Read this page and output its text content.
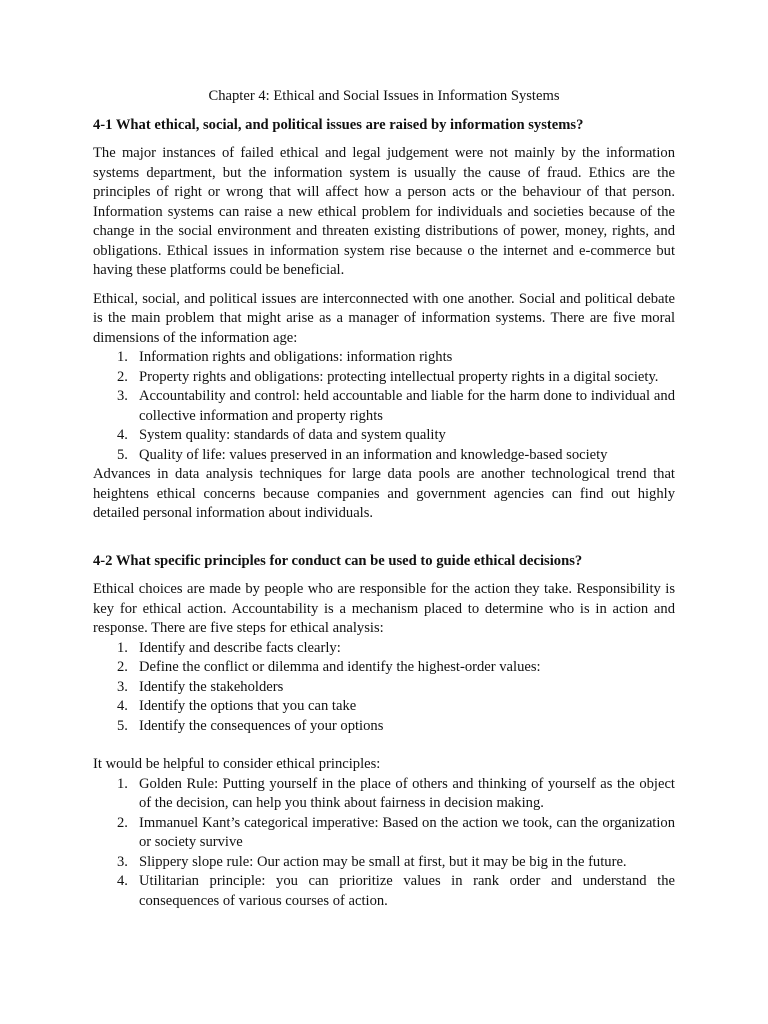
Chapter 4: Ethical and Social Issues in Information Systems
4-1 What ethical, social, and political issues are raised by information systems?

The major instances of failed ethical and legal judgement were not mainly by the information systems department, but the information system is usually the cause of fraud. Ethics are the principles of right or wrong that will affect how a person acts or the behaviour of that person. Information systems can raise a new ethical problem for individuals and societies because of the change in the social environment and threaten existing distributions of power, money, rights, and obligations. Ethical issues in information system rise because o the internet and e-commerce but having these platforms could be beneficial.

Ethical, social, and political issues are interconnected with one another. Social and political debate is the main problem that might arise as a manager of information systems. There are five moral dimensions of the information age:

1. Information rights and obligations: information rights
2. Property rights and obligations: protecting intellectual property rights in a digital society.
3. Accountability and control: held accountable and liable for the harm done to individual and collective information and property rights
4. System quality: standards of data and system quality
5. Quality of life: values preserved in an information and knowledge-based society

Advances in data analysis techniques for large data pools are another technological trend that heightens ethical concerns because companies and government agencies can find out highly detailed personal information about individuals.

4-2 What specific principles for conduct can be used to guide ethical decisions?

Ethical choices are made by people who are responsible for the action they take. Responsibility is key for ethical action. Accountability is a mechanism placed to determine who is in action and response. There are five steps for ethical analysis:

1. Identify and describe facts clearly:
2. Define the conflict or dilemma and identify the highest-order values:
3. Identify the stakeholders
4. Identify the options that you can take
5. Identify the consequences of your options

It would be helpful to consider ethical principles:

1. Golden Rule: Putting yourself in the place of others and thinking of yourself as the object of the decision, can help you think about fairness in decision making.
2. Immanuel Kant’s categorical imperative: Based on the action we took, can the organization or society survive
3. Slippery slope rule: Our action may be small at first, but it may be big in the future.
4. Utilitarian principle: you can prioritize values in rank order and understand the consequences of various courses of action.
